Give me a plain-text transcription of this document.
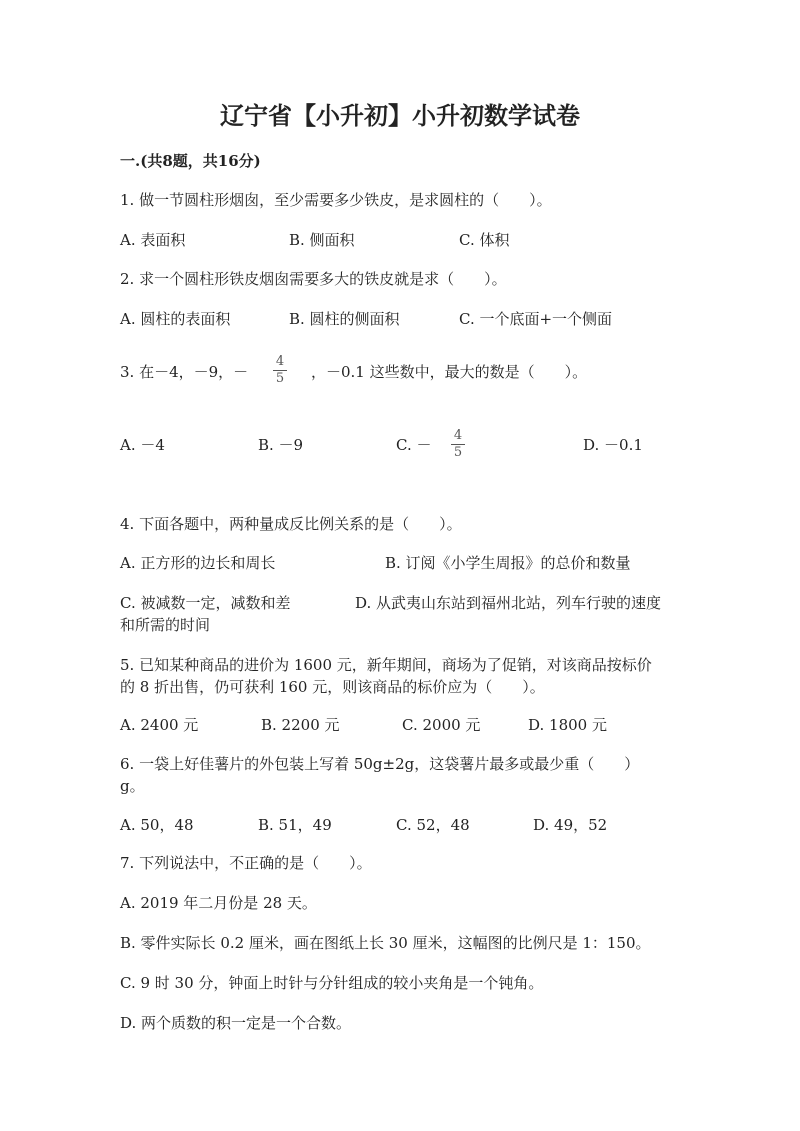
辽宁省【小升初】小升初数学试卷
一.(共8题，共16分)
1. 做一节圆柱形烟囱，至少需要多少铁皮，是求圆柱的（　　）。
A. 表面积	B. 侧面积	C. 体积
2. 求一个圆柱形铁皮烟囱需要多大的铁皮就是求（　　）。
A. 圆柱的表面积	B. 圆柱的侧面积	C. 一个底面+一个侧面
3. 在－4，－9，－
4
5 ，－0.1 这些数中，最大的数是（　　）。
A. －4	B. －9	C. －
4
5	D. －0.1
4. 下面各题中，两种量成反比例关系的是（　　）。
A. 正方形的边长和周长	B. 订阅《小学生周报》的总价和数量
C. 被减数一定，减数和差	D. 从武夷山东站到福州北站，列车行驶的速度
和所需的时间
5. 已知某种商品的进价为 1600 元，新年期间，商场为了促销，对该商品按标价
的 8 折出售，仍可获利 160 元，则该商品的标价应为（　　）。
A. 2400 元	B. 2200 元	C. 2000 元	D. 1800 元
6. 一袋上好佳薯片的外包装上写着 50g±2g，这袋薯片最多或最少重（　　）
g。
A. 50，48	B. 51，49	C. 52，48	D. 49，52
7. 下列说法中，不正确的是（　　）。
A. 2019 年二月份是 28 天。
B. 零件实际长 0.2 厘米，画在图纸上长 30 厘米，这幅图的比例尺是 1：150。
C. 9 时 30 分，钟面上时针与分针组成的较小夹角是一个钝角。
D. 两个质数的积一定是一个合数。
